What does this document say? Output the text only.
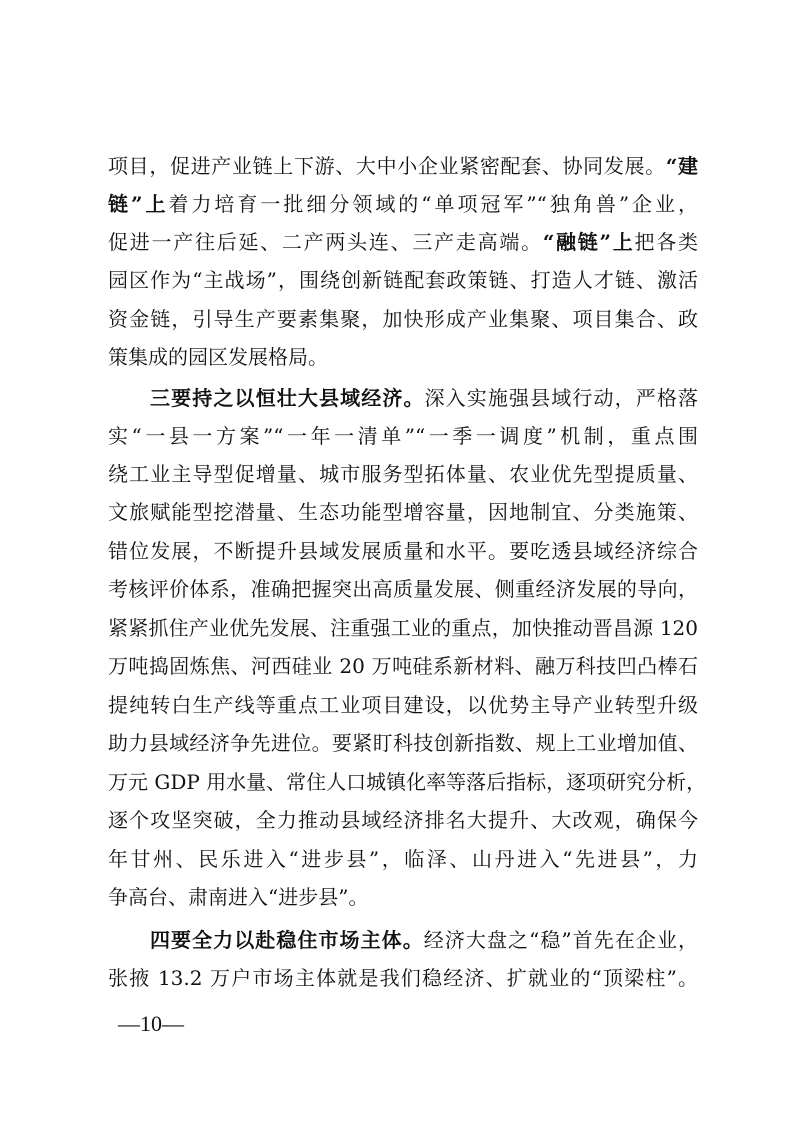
项目，促进产业链上下游、大中小企业紧密配套、协同发展。“建
链”上着力培育一批细分领域的“单项冠军”“独角兽”企业，
促进一产往后延、二产两头连、三产走高端。“融链”上把各类
园区作为“主战场”，围绕创新链配套政策链、打造人才链、激活
资金链，引导生产要素集聚，加快形成产业集聚、项目集合、政
策集成的园区发展格局。
三要持之以恒壮大县域经济。深入实施强县域行动，严格落
实“一县一方案”“一年一清单”“一季一调度”机制，重点围
绕工业主导型促增量、城市服务型拓体量、农业优先型提质量、
文旅赋能型挖潜量、生态功能型增容量，因地制宜、分类施策、
错位发展，不断提升县域发展质量和水平。要吃透县域经济综合
考核评价体系，准确把握突出高质量发展、侧重经济发展的导向，
紧紧抓住产业优先发展、注重强工业的重点，加快推动晋昌源 120
万吨捣固炼焦、河西硅业 20 万吨硅系新材料、融万科技凹凸棒石
提纯转白生产线等重点工业项目建设，以优势主导产业转型升级
助力县域经济争先进位。要紧盯科技创新指数、规上工业增加值、
万元 GDP 用水量、常住人口城镇化率等落后指标，逐项研究分析，
逐个攻坚突破，全力推动县域经济排名大提升、大改观，确保今
年甘州、民乐进入“进步县”，临泽、山丹进入“先进县”，力
争高台、肃南进入“进步县”。
四要全力以赴稳住市场主体。经济大盘之“稳”首先在企业，
张掖 13.2 万户市场主体就是我们稳经济、扩就业的“顶梁柱”。
—10—
